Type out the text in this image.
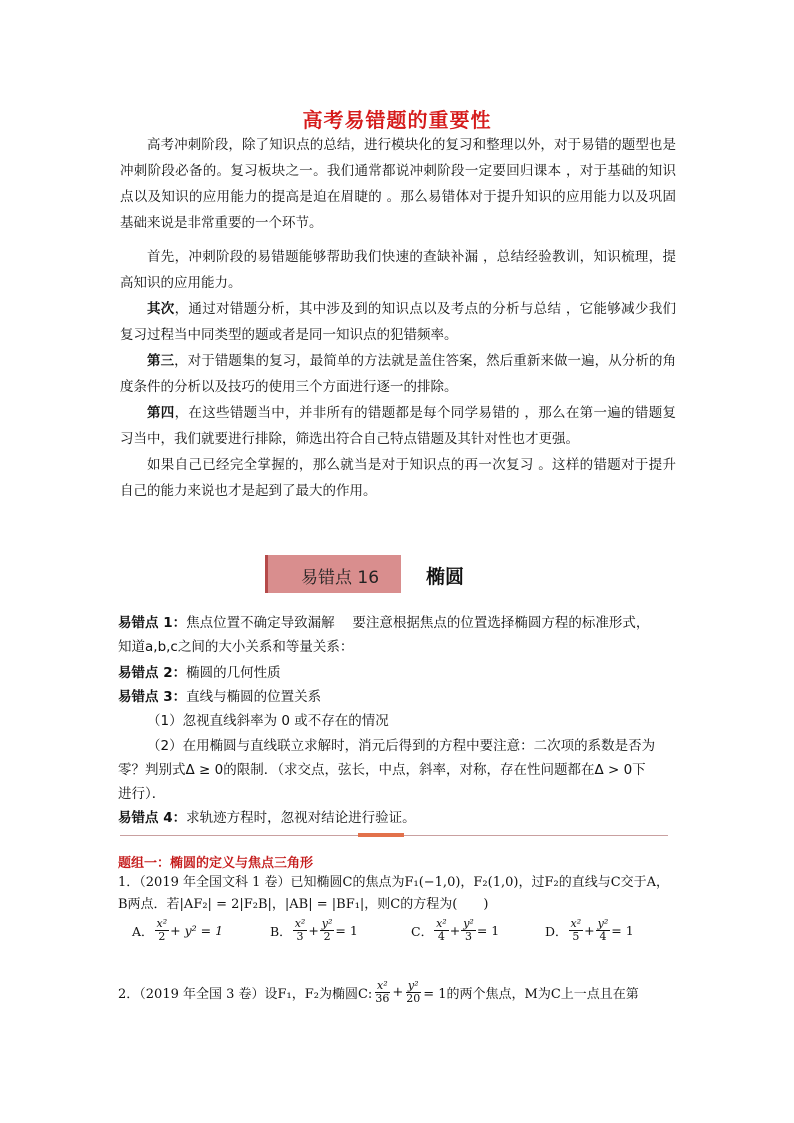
高考易错题的重要性

高考冲刺阶段，除了知识点的总结，进行模块化的复习和整理以外，对于易错的题型也是冲刺阶段必备的。复习板块之一。我们通常都说冲刺阶段一定要回归课本 ，对于基础的知识点以及知识的应用能力的提高是迫在眉睫的 。那么易错体对于提升知识的应用能力以及巩固基础来说是非常重要的一个环节。

首先，冲刺阶段的易错题能够帮助我们快速的查缺补漏 ，总结经验教训，知识梳理，提高知识的应用能力。

其次，通过对错题分析，其中涉及到的知识点以及考点的分析与总结 ，它能够减少我们复习过程当中同类型的题或者是同一知识点的犯错频率。

第三，对于错题集的复习，最简单的方法就是盖住答案，然后重新来做一遍，从分析的角度条件的分析以及技巧的使用三个方面进行逐一的排除。

第四，在这些错题当中，并非所有的错题都是每个同学易错的 ，那么在第一遍的错题复习当中，我们就要进行排除，筛选出符合自己特点错题及其针对性也才更强。

如果自己已经完全掌握的，那么就当是对于知识点的再一次复习 。这样的错题对于提升自己的能力来说也才是起到了最大的作用。

易错点 16 椭圆
易错点 1：焦点位置不确定导致漏解　 要注意根据焦点的位置选择椭圆方程的标准形式，
知道a,b,c之间的大小关系和等量关系：
易错点 2：椭圆的几何性质
易错点 3：直线与椭圆的位置关系
（1）忽视直线斜率为 0 或不存在的情况
（2）在用椭圆与直线联立求解时，消元后得到的方程中要注意：二次项的系数是否为
零？判别式Δ ≥ 0的限制．（求交点，弦长，中点，斜率，对称，存在性问题都在Δ > 0下
进行）．
易错点 4：求轨迹方程时，忽视对结论进行验证。
题组一：椭圆的定义与焦点三角形
1．（2019 年全国文科 1 卷）已知椭圆C的焦点为F₁(−1,0)，F₂(1,0)，过F₂的直线与C交于A，
B两点．若|AF₂| = 2|F₂B|，|AB| = |BF₁|，则C的方程为(　　)
A． $\frac{\text{x²}}{2} + y^2 = 1$	B． $\frac{\text{x²}}{3} + \frac{\text{y²}}{2} = 1$	C． $\frac{\text{x²}}{4} + \frac{\text{y²}}{3} = 1$	D． $\frac{\text{x²}}{5} + \frac{\text{y²}}{4} = 1$
2．（2019 年全国 3 卷）设F₁，F₂为椭圆C: $\frac{\text{x²}}{36} + \frac{\text{y²}}{20} = 1$的两个焦点，M为C上一点且在第
